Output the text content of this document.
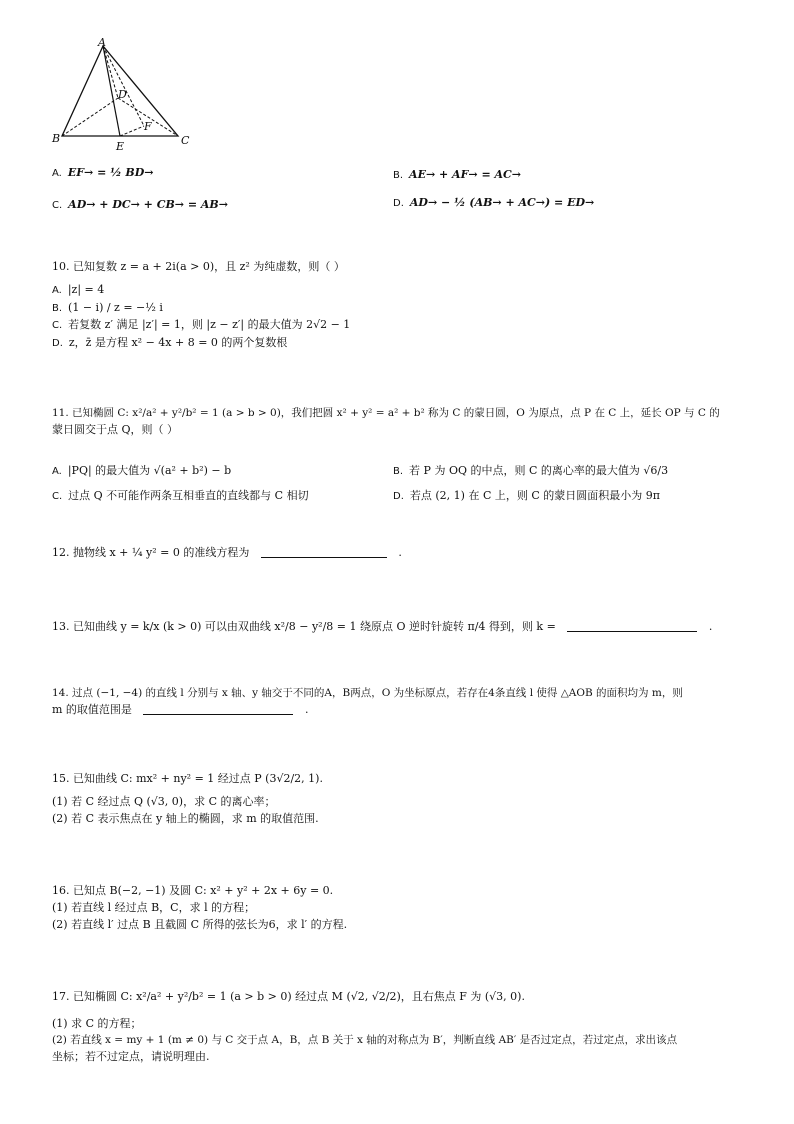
A
B	C
D
E
F
A. EF→ = ½ BD→	B. AE→ + AF→ = AC→
C. AD→ + DC→ + CB→ = AB→	D. AD→ − ½ (AB→ + AC→) = ED→
10. 已知复数 z = a + 2i(a > 0)，且 z² 为纯虚数，则（ ）
A. |z| = 4
B. (1 − i) / z = −½ i
C. 若复数 z′ 满足 |z′| = 1，则 |z − z′| 的最大值为 2√2 − 1
D. z，z̄ 是方程 x² − 4x + 8 = 0 的两个复数根
11. 已知椭圆 C: x²/a² + y²/b² = 1 (a > b > 0)，我们把圆 x² + y² = a² + b² 称为 C 的蒙日圆，O 为原点，点 P 在 C 上，延长 OP 与 C 的
蒙日圆交于点 Q，则（ ）
A. |PQ| 的最大值为 √(a² + b²) − b	B. 若 P 为 OQ 的中点，则 C 的离心率的最大值为 √6/3
C. 过点 Q 不可能作两条互相垂直的直线都与 C 相切	D. 若点 (2, 1) 在 C 上，则 C 的蒙日圆面积最小为 9π
12. 抛物线 x + ¼ y² = 0 的准线方程为	.
13. 已知曲线 y = k/x (k > 0) 可以由双曲线 x²/8 − y²/8 = 1 绕原点 O 逆时针旋转 π/4 得到，则 k =	.
14. 过点 (−1, −4) 的直线 l 分别与 x 轴、y 轴交于不同的A，B两点，O 为坐标原点，若存在4条直线 l 使得 △AOB 的面积均为 m，则
m 的取值范围是	.
15. 已知曲线 C: mx² + ny² = 1 经过点 P (3√2/2, 1).
(1) 若 C 经过点 Q (√3, 0)，求 C 的离心率；
(2) 若 C 表示焦点在 y 轴上的椭圆，求 m 的取值范围.
16. 已知点 B(−2, −1) 及圆 C: x² + y² + 2x + 6y = 0.
(1) 若直线 l 经过点 B，C，求 l 的方程；
(2) 若直线 l′ 过点 B 且截圆 C 所得的弦长为6，求 l′ 的方程.
17. 已知椭圆 C: x²/a² + y²/b² = 1 (a > b > 0) 经过点 M (√2, √2/2)，且右焦点 F 为 (√3, 0).
(1) 求 C 的方程；
(2) 若直线 x = my + 1 (m ≠ 0) 与 C 交于点 A，B，点 B 关于 x 轴的对称点为 B′，判断直线 AB′ 是否过定点，若过定点，求出该点
坐标；若不过定点，请说明理由.
